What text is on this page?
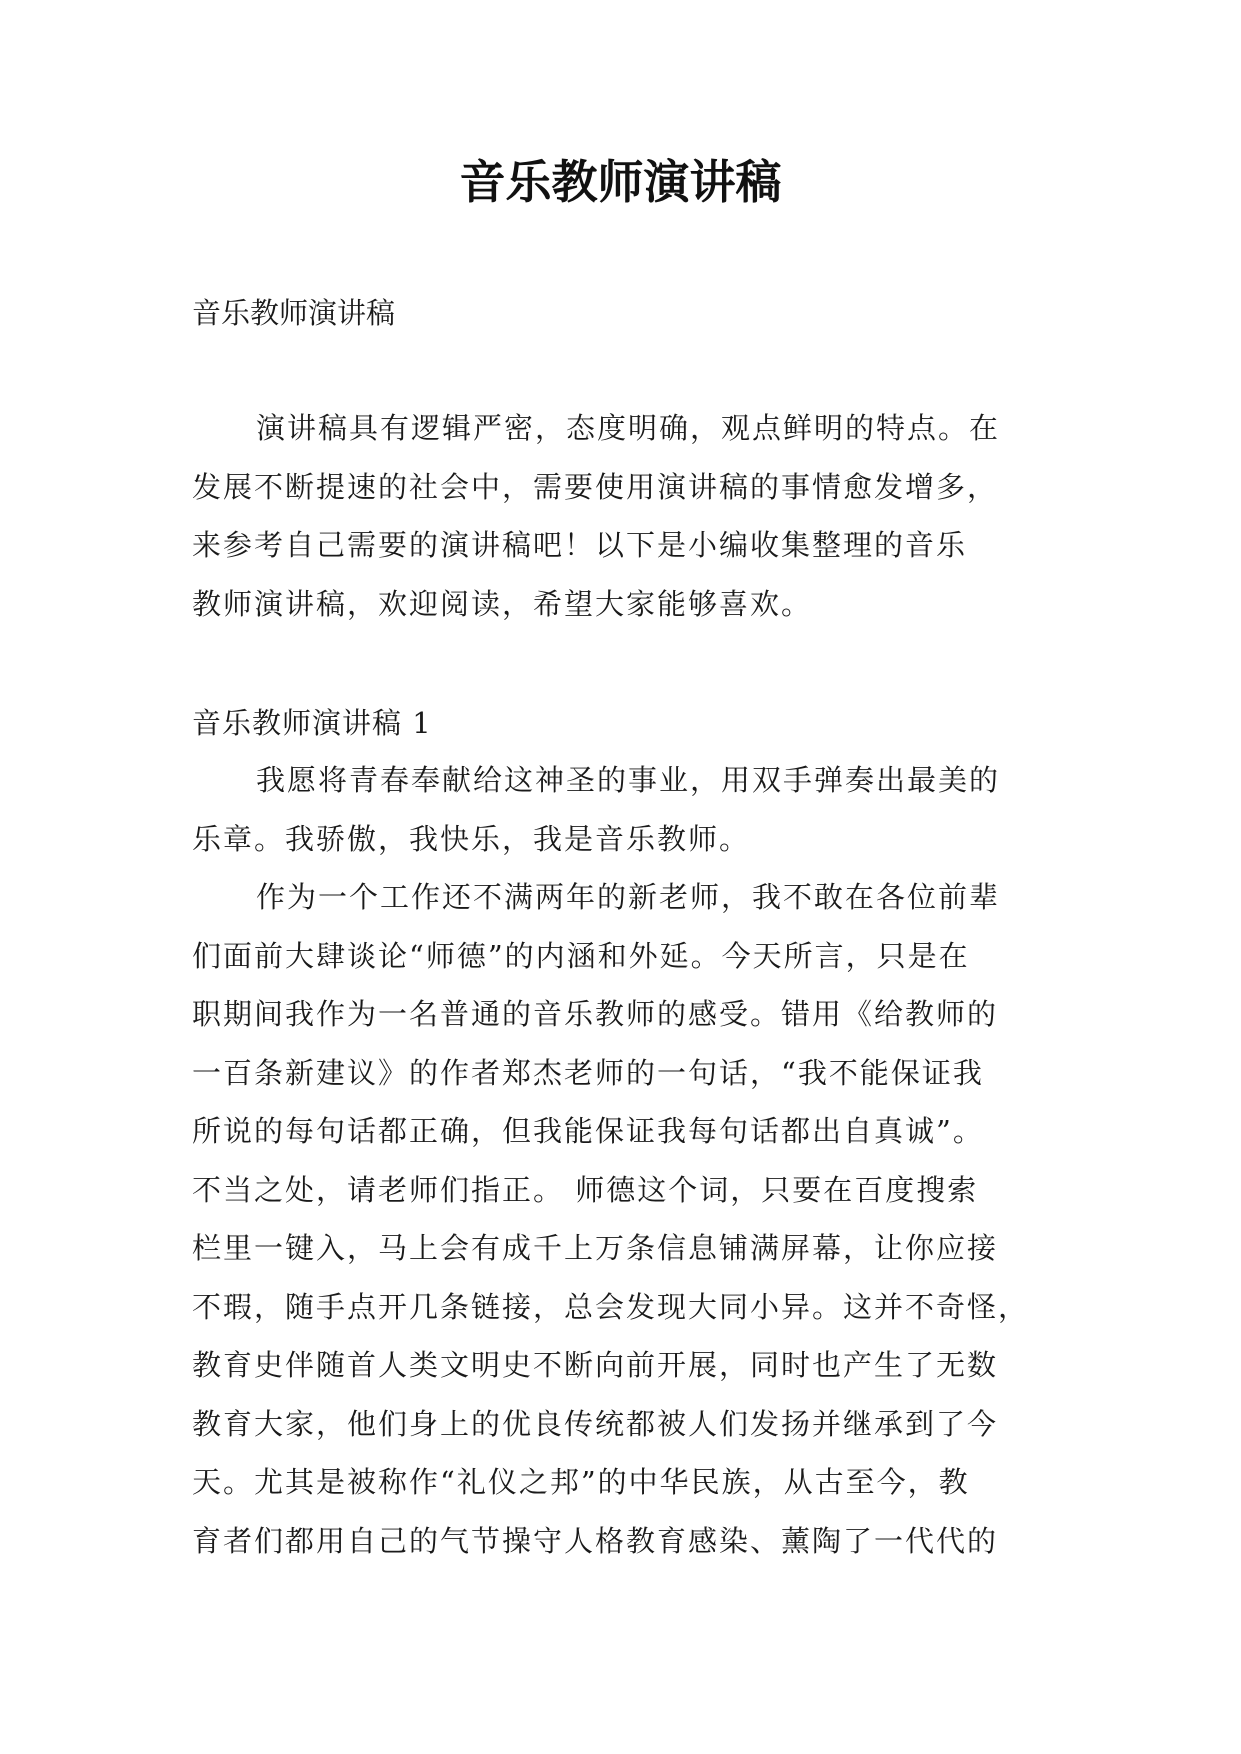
音乐教师演讲稿

音乐教师演讲稿

演讲稿具有逻辑严密，态度明确，观点鲜明的特点。在
发展不断提速的社会中，需要使用演讲稿的事情愈发增多，
来参考自己需要的演讲稿吧！以下是小编收集整理的音乐
教师演讲稿，欢迎阅读，希望大家能够喜欢。

音乐教师演讲稿 1

我愿将青春奉献给这神圣的事业，用双手弹奏出最美的
乐章。我骄傲，我快乐，我是音乐教师。
作为一个工作还不满两年的新老师，我不敢在各位前辈
们面前大肆谈论“师德”的内涵和外延。今天所言，只是在
职期间我作为一名普通的音乐教师的感受。错用《给教师的
一百条新建议》的作者郑杰老师的一句话，“我不能保证我
所说的每句话都正确，但我能保证我每句话都出自真诚”。
不当之处，请老师们指正。 师德这个词，只要在百度搜索
栏里一键入，马上会有成千上万条信息铺满屏幕，让你应接
不瑕，随手点开几条链接，总会发现大同小异。这并不奇怪，
教育史伴随首人类文明史不断向前开展，同时也产生了无数
教育大家，他们身上的优良传统都被人们发扬并继承到了今
天。尤其是被称作“礼仪之邦”的中华民族，从古至今，教
育者们都用自己的气节操守人格教育感染、薰陶了一代代的
